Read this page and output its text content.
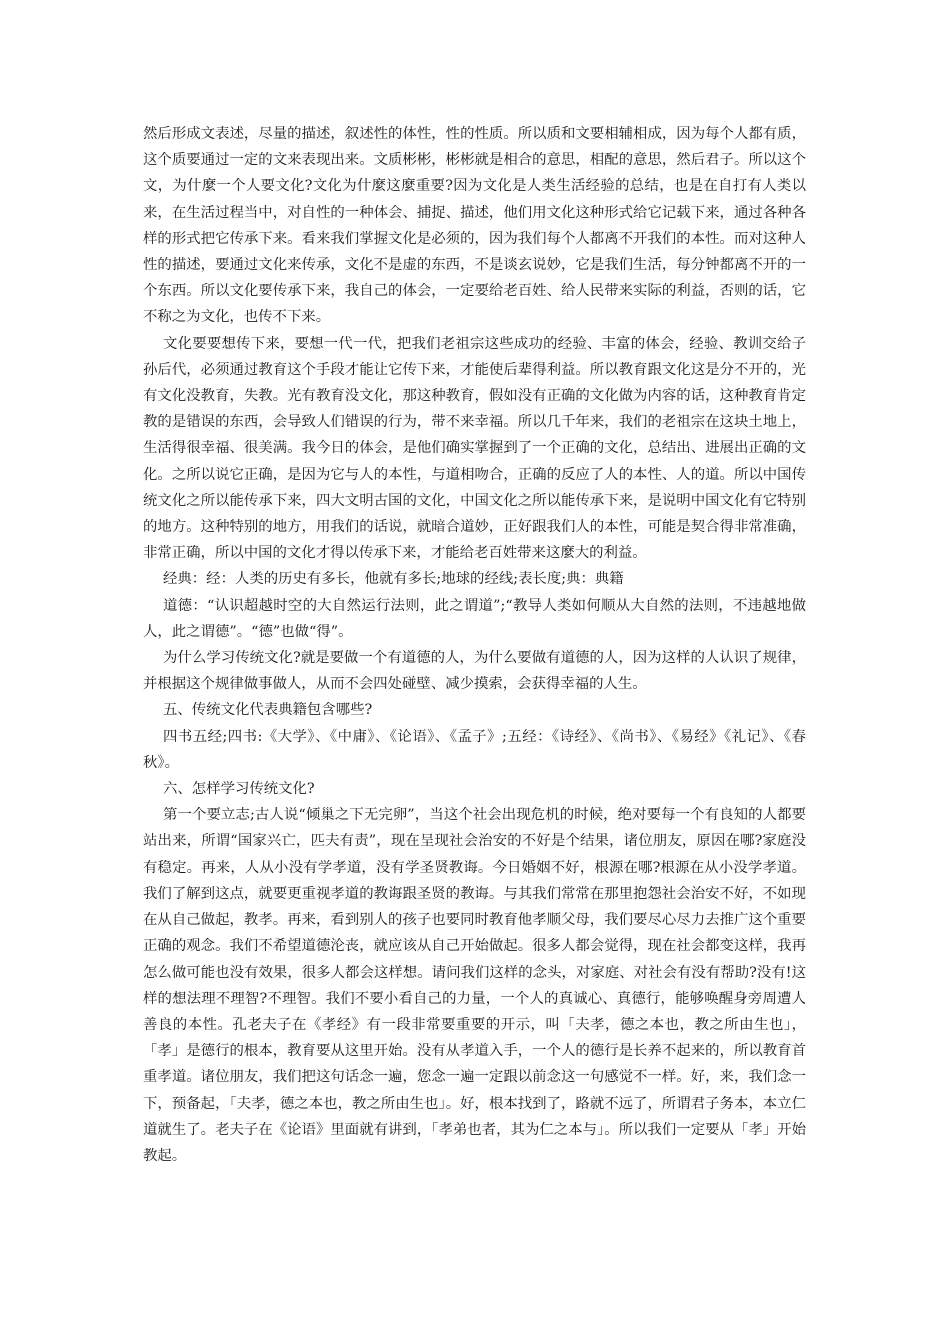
然后形成文表述，尽量的描述，叙述性的体性，性的性质。所以质和文要相辅相成，因为每个人都有质，这个质要通过一定的文来表现出来。文质彬彬，彬彬就是相合的意思，相配的意思，然后君子。所以这个文，为什麼一个人要文化?文化为什麼这麼重要?因为文化是人类生活经验的总结，也是在自打有人类以来，在生活过程当中，对自性的一种体会、捕捉、描述，他们用文化这种形式给它记载下来，通过各种各样的形式把它传承下来。看来我们掌握文化是必须的，因为我们每个人都离不开我们的本性。而对这种人性的描述，要通过文化来传承，文化不是虚的东西，不是谈玄说妙，它是我们生活，每分钟都离不开的一个东西。所以文化要传承下来，我自己的体会，一定要给老百姓、给人民带来实际的利益，否则的话，它不称之为文化，也传不下来。

文化要要想传下来，要想一代一代，把我们老祖宗这些成功的经验、丰富的体会，经验、教训交给子孙后代，必须通过教育这个手段才能让它传下来，才能使后辈得利益。所以教育跟文化这是分不开的，光有文化没教育，失教。光有教育没文化，那这种教育，假如没有正确的文化做为内容的话，这种教育肯定教的是错误的东西，会导致人们错误的行为，带不来幸福。所以几千年来，我们的老祖宗在这块土地上，生活得很幸福、很美满。我今日的体会，是他们确实掌握到了一个正确的文化，总结出、进展出正确的文化。之所以说它正确，是因为它与人的本性，与道相吻合，正确的反应了人的本性、人的道。所以中国传统文化之所以能传承下来，四大文明古国的文化，中国文化之所以能传承下来，是说明中国文化有它特别的地方。这种特别的地方，用我们的话说，就暗合道妙，正好跟我们人的本性，可能是契合得非常准确，非常正确，所以中国的文化才得以传承下来，才能给老百姓带来这麼大的利益。

经典：经：人类的历史有多长，他就有多长;地球的经线;表长度;典：典籍

道德：“认识超越时空的大自然运行法则，此之谓道”;“教导人类如何顺从大自然的法则，不违越地做人，此之谓德”。“德”也做“得”。

为什么学习传统文化?就是要做一个有道德的人，为什么要做有道德的人，因为这样的人认识了规律，并根据这个规律做事做人，从而不会四处碰壁、减少摸索，会获得幸福的人生。

五、传统文化代表典籍包含哪些?

四书五经;四书:《大学》、《中庸》、《论语》、《孟子》;五经：《诗经》、《尚书》、《易经》《礼记》、《春秋》。

六、怎样学习传统文化?

第一个要立志;古人说“倾巢之下无完卵”，当这个社会出现危机的时候，绝对要每一个有良知的人都要站出来，所谓“国家兴亡，匹夫有责”，现在呈现社会治安的不好是个结果，诸位朋友，原因在哪?家庭没有稳定。再来，人从小没有学孝道，没有学圣贤教诲。今日婚姻不好，根源在哪?根源在从小没学孝道。我们了解到这点，就要更重视孝道的教诲跟圣贤的教诲。与其我们常常在那里抱怨社会治安不好，不如现在从自己做起，教孝。再来，看到别人的孩子也要同时教育他孝顺父母，我们要尽心尽力去推广这个重要正确的观念。我们不希望道德沦丧，就应该从自己开始做起。很多人都会觉得，现在社会都变这样，我再怎么做可能也没有效果，很多人都会这样想。请问我们这样的念头，对家庭、对社会有没有帮助?没有!这样的想法理不理智?不理智。我们不要小看自己的力量，一个人的真诚心、真德行，能够唤醒身旁周遭人善良的本性。孔老夫子在《孝经》有一段非常要重要的开示，叫「夫孝，德之本也，教之所由生也」，「孝」是德行的根本，教育要从这里开始。没有从孝道入手，一个人的德行是长养不起来的，所以教育首重孝道。诸位朋友，我们把这句话念一遍，您念一遍一定跟以前念这一句感觉不一样。好，来，我们念一下，预备起，「夫孝，德之本也，教之所由生也」。好，根本找到了，路就不远了，所谓君子务本，本立仁道就生了。老夫子在《论语》里面就有讲到，「孝弟也者，其为仁之本与」。所以我们一定要从「孝」开始教起。
